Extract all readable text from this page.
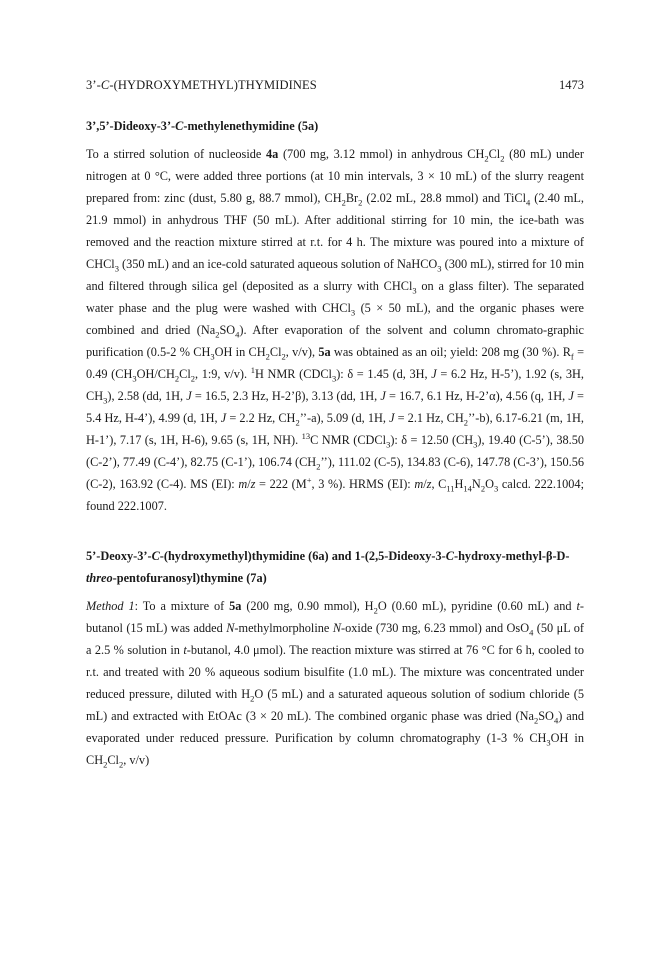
3’-C-(HYDROXYMETHYL)THYMIDINES	1473
3’,5’-Dideoxy-3’-C-methylenethymidine (5a)

To a stirred solution of nucleoside 4a (700 mg, 3.12 mmol) in anhydrous $CH_2Cl_2$ (80 mL) under nitrogen at 0 °C, were added three portions (at 10 min intervals, 3 × 10 mL) of the slurry reagent prepared from: zinc (dust, 5.80 g, 88.7 mmol), $CH_2Br_2$ (2.02 mL, 28.8 mmol) and TiCl$_4$ (2.40 mL, 21.9 mmol) in anhydrous THF (50 mL). After additional stirring for 10 min, the ice-bath was removed and the reaction mixture stirred at r.t. for 4 h. The mixture was poured into a mixture of CHCl$_3$ (350 mL) and an ice-cold saturated aqueous solution of NaHCO$_3$ (300 mL), stirred for 10 min and filtered through silica gel (deposited as a slurry with CHCl$_3$ on a glass filter). The separated water phase and the plug were washed with CHCl$_3$ (5 × 50 mL), and the organic phases were combined and dried $(Na_2SO_4)$. After evaporation of the solvent and column chromato-graphic purification (0.5-2 % $CH_3OH$ in $CH_2Cl_2$, v/v), 5a was obtained as an oil; yield: 208 mg (30 %). $R_f = 0.49$ ($CH_3OH/CH_2Cl_2$, 1:9, v/v). $^1$H NMR (CDCl$_3$): δ = 1.45 (d, 3H, J = 6.2 Hz, H-5’), 1.92 (s, 3H, $CH_3$), 2.58 (dd, 1H, J = 16.5, 2.3 Hz, H-2’β), 3.13 (dd, 1H, J = 16.7, 6.1 Hz, H-2’α), 4.56 (q, 1H, J = 5.4 Hz, H-4’), 4.99 (d, 1H, J = 2.2 Hz, $CH_2’’-a$), 5.09 (d, 1H, J = 2.1 Hz, $CH_2’’-b$), 6.17-6.21 (m, 1H, H-1’), 7.17 (s, 1H, H-6), 9.65 (s, 1H, NH). $^{13}$C NMR (CDCl$_3$): δ = 12.50 $(CH_3)$, 19.40 (C-5’), 38.50 (C-2’), 77.49 (C-4’), 82.75 (C-1’), 106.74 $(CH_2’’)$, 111.02 (C-5), 134.83 (C-6), 147.78 (C-3’), 150.56 (C-2), 163.92 (C-4). MS (EI): m/z = 222 (M+, 3 %). HRMS (EI): m/z, $C_{11}H_{14}N_2O_3$ calcd. 222.1004; found 222.1007.

5’-Deoxy-3’-C-(hydroxymethyl)thymidine (6a) and 1-(2,5-Dideoxy-3-C-hydroxy-methyl-β-D-threo-pentofuranosyl)thymine (7a)

Method 1: To a mixture of 5a (200 mg, 0.90 mmol), $H_2O$ (0.60 mL), pyridine (0.60 mL) and t-butanol (15 mL) was added N-methylmorpholine N-oxide (730 mg, 6.23 mmol) and OsO$_4$ (50 μL of a 2.5 % solution in t-butanol, 4.0 μmol). The reaction mixture was stirred at 76 °C for 6 h, cooled to r.t. and treated with 20 % aqueous sodium bisulfite (1.0 mL). The mixture was concentrated under reduced pressure, diluted with $H_2O$ (5 mL) and a saturated aqueous solution of sodium chloride (5 mL) and extracted with EtOAc (3 × 20 mL). The combined organic phase was dried $(Na_2SO_4)$ and evaporated under reduced pressure. Purification by column chromatography (1-3 % $CH_3OH$ in $CH_2Cl_2$, v/v)
